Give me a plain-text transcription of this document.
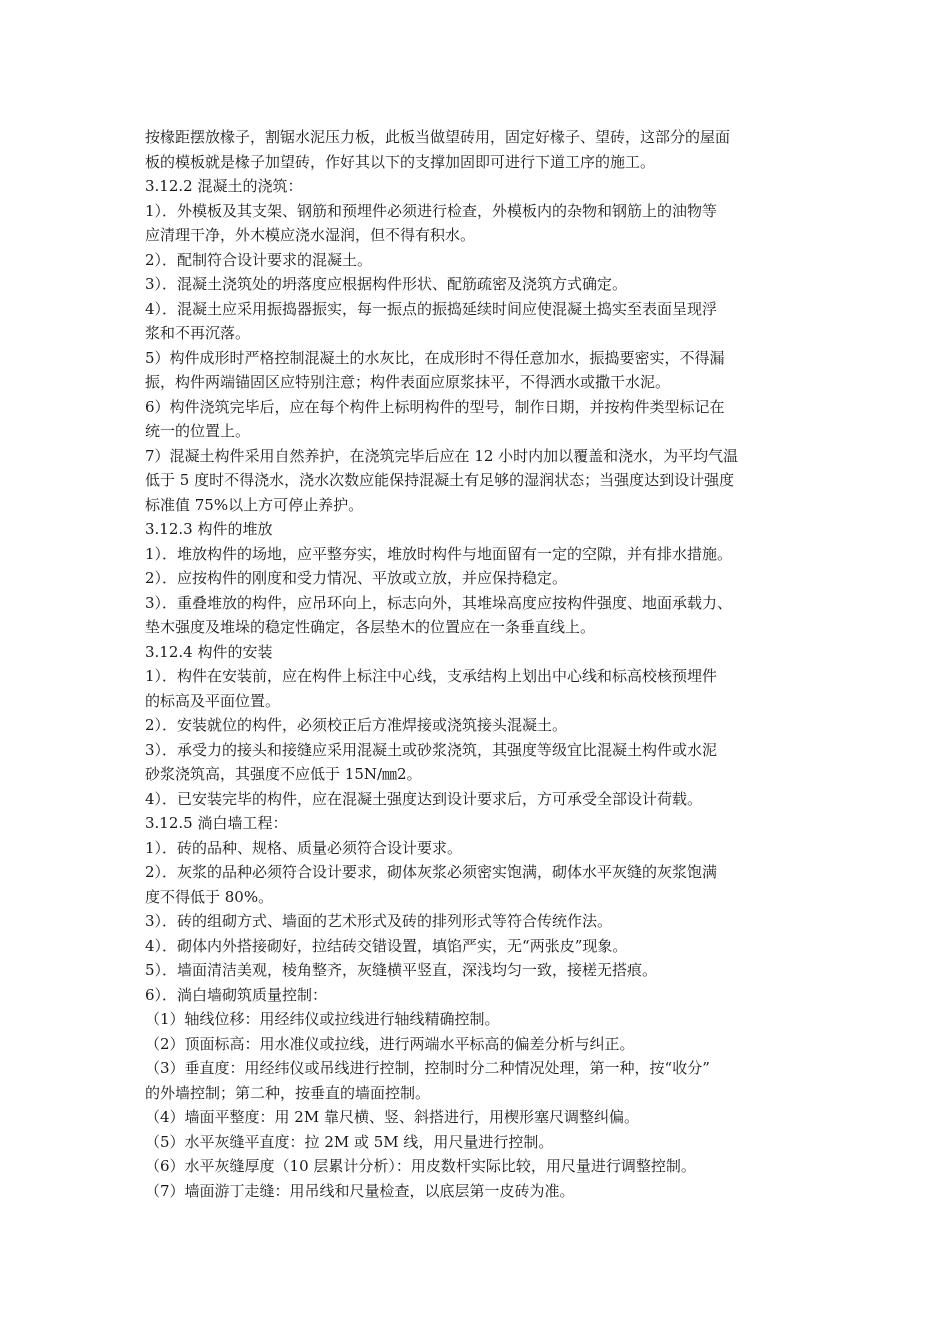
按椽距摆放椽子，割锯水泥压力板，此板当做望砖用，固定好椽子、望砖，这部分的屋面
板的模板就是椽子加望砖，作好其以下的支撑加固即可进行下道工序的施工。
3.12.2 混凝土的浇筑：
1）．外模板及其支架、钢筋和预埋件必须进行检查，外模板内的杂物和钢筋上的油物等
应清理干净，外木模应浇水湿润，但不得有积水。
2）．配制符合设计要求的混凝土。
3）．混凝土浇筑处的坍落度应根据构件形状、配筋疏密及浇筑方式确定。
4）．混凝土应采用振捣器振实，每一振点的振捣延续时间应使混凝土捣实至表面呈现浮
浆和不再沉落。
5）构件成形时严格控制混凝土的水灰比，在成形时不得任意加水，振捣要密实，不得漏
振，构件两端锚固区应特别注意；构件表面应原浆抹平，不得洒水或撒干水泥。
6）构件浇筑完毕后，应在每个构件上标明构件的型号，制作日期，并按构件类型标记在
统一的位置上。
7）混凝土构件采用自然养护，在浇筑完毕后应在 12 小时内加以覆盖和浇水，为平均气温
低于 5 度时不得浇水，浇水次数应能保持混凝土有足够的湿润状态；当强度达到设计强度
标准值 75%以上方可停止养护。
3.12.3 构件的堆放
1）．堆放构件的场地，应平整夯实，堆放时构件与地面留有一定的空隙，并有排水措施。
2）．应按构件的刚度和受力情况、平放或立放，并应保持稳定。
3）．重叠堆放的构件，应吊环向上，标志向外，其堆垛高度应按构件强度、地面承载力、
垫木强度及堆垛的稳定性确定，各层垫木的位置应在一条垂直线上。
3.12.4 构件的安装
1）．构件在安装前，应在构件上标注中心线，支承结构上划出中心线和标高校核预埋件
的标高及平面位置。
2）．安装就位的构件，必须校正后方准焊接或浇筑接头混凝土。
3）．承受力的接头和接缝应采用混凝土或砂浆浇筑，其强度等级宜比混凝土构件或水泥
砂浆浇筑高，其强度不应低于 15N/㎜2。
4）．已安装完毕的构件，应在混凝土强度达到设计要求后，方可承受全部设计荷载。
3.12.5 淌白墙工程：
1）．砖的品种、规格、质量必须符合设计要求。
2）．灰浆的品种必须符合设计要求，砌体灰浆必须密实饱满，砌体水平灰缝的灰浆饱满
度不得低于 80%。
3）．砖的组砌方式、墙面的艺术形式及砖的排列形式等符合传统作法。
4）．砌体内外搭接砌好，拉结砖交错设置，填馅严实，无“两张皮”现象。
5）．墙面清洁美观，棱角整齐，灰缝横平竖直，深浅均匀一致，接槎无搭痕。
6）．淌白墙砌筑质量控制：
（1）轴线位移：用经纬仪或拉线进行轴线精确控制。
（2）顶面标高：用水准仪或拉线，进行两端水平标高的偏差分析与纠正。
（3）垂直度：用经纬仪或吊线进行控制，控制时分二种情况处理，第一种，按“收分”
的外墙控制；第二种，按垂直的墙面控制。
（4）墙面平整度：用 2M 靠尺横、竖、斜搭进行，用楔形塞尺调整纠偏。
（5）水平灰缝平直度：拉 2M 或 5M 线，用尺量进行控制。
（6）水平灰缝厚度（10 层累计分析）：用皮数杆实际比较，用尺量进行调整控制。
（7）墙面游丁走缝：用吊线和尺量检查，以底层第一皮砖为准。
